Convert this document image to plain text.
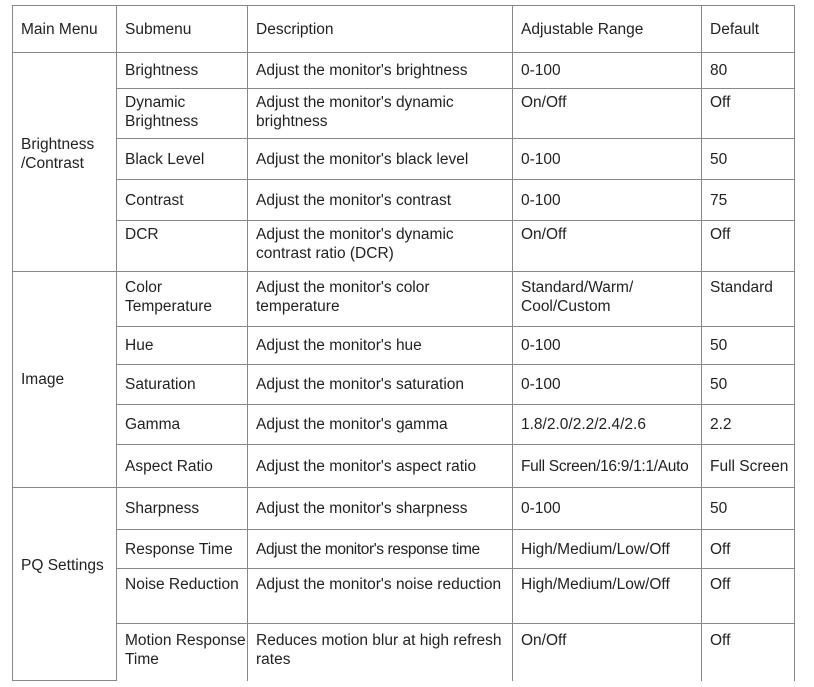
Main Menu	Submenu	Description	Adjustable Range	Default
Brightness /Contrast	Brightness	Adjust the monitor's brightness	0-100	80
	Dynamic Brightness	Adjust the monitor's dynamic brightness	On/Off	Off
	Black Level	Adjust the monitor's black level	0-100	50
	Contrast	Adjust the monitor's contrast	0-100	75
	DCR	Adjust the monitor's dynamic contrast ratio (DCR)	On/Off	Off
Image	Color Temperature	Adjust the monitor's color temperature	Standard/Warm/ Cool/Custom	Standard
	Hue	Adjust the monitor's hue	0-100	50
	Saturation	Adjust the monitor's saturation	0-100	50
	Gamma	Adjust the monitor's gamma	1.8/2.0/2.2/2.4/2.6	2.2
	Aspect Ratio	Adjust the monitor's aspect ratio	Full Screen/16:9/1:1/Auto	Full Screen
PQ Settings	Sharpness	Adjust the monitor's sharpness	0-100	50
	Response Time	Adjust the monitor's response time	High/Medium/Low/Off	Off
	Noise Reduction	Adjust the monitor's noise reduction	High/Medium/Low/Off	Off
	Motion Response Time	Reduces motion blur at high refresh rates	On/Off	Off
